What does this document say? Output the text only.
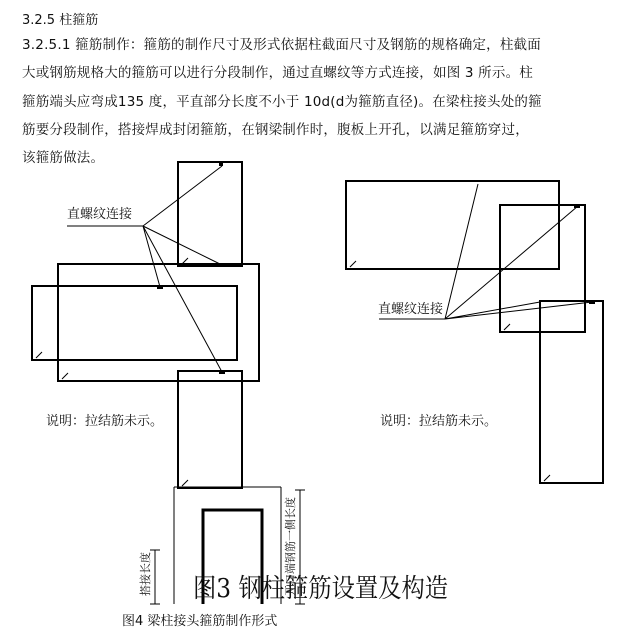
3.2.5 柱箍筋
3.2.5.1 箍筋制作：箍筋的制作尺寸及形式依据柱截面尺寸及钢筋的规格确定，柱截面
大或钢筋规格大的箍筋可以进行分段制作，通过直螺纹等方式连接，如图 3 所示。柱
箍筋端头应弯成135 度，平直部分长度不小于 10d(d为箍筋直径)。在梁柱接头处的箍
筋要分段制作，搭接焊成封闭箍筋，在钢梁制作时，腹板上开孔，以满足箍筋穿过，
该箍筋做法。
直螺纹连接
直螺纹连接
说明：拉结筋未示。	说明：拉结筋未示。
搭接长度	开口端钢筋一侧长度
图3 钢柱箍筋设置及构造
图4 梁柱接头箍筋制作形式
